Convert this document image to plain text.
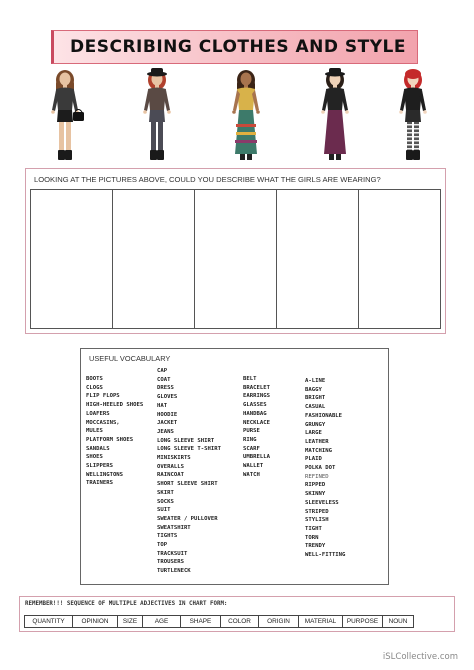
DESCRIBING CLOTHES AND STYLE
LOOKING AT THE PICTURES ABOVE, COULD YOU DESCRIBE WHAT THE GIRLS ARE WEARING?
USEFUL VOCABULARY
BOOTS
CLOGS
FLIP FLOPS
HIGH-HEELED SHOES
LOAFERS
MOCCASINS,
MULES
PLATFORM SHOES
SANDALS
SHOES
SLIPPERS
WELLINGTONS
TRAINERS
CAP
COAT
DRESS
GLOVES
HAT
HOODIE
JACKET
JEANS
LONG SLEEVE SHIRT
LONG SLEEVE T-SHIRT
MINISKIRTS
OVERALLS
RAINCOAT
SHORT SLEEVE SHIRT
SKIRT
SOCKS
SUIT
SWEATER / PULLOVER
SWEATSHIRT
TIGHTS
TOP
TRACKSUIT
TROUSERS
TURTLENECK
BELT
BRACELET
EARRINGS
GLASSES
HANDBAG
NECKLACE
PURSE
RING
SCARF
UMBRELLA
WALLET
WATCH
A-LINE
BAGGY
BRIGHT
CASUAL
FASHIONABLE
GRUNGY
LARGE
LEATHER
MATCHING
PLAID
POLKA DOT
REFINED
RIPPED
SKINNY
SLEEVELESS
STRIPED
STYLISH
TIGHT
TORN
TRENDY
WELL-FITTING
REMEMBER!!! SEQUENCE OF MULTIPLE ADJECTIVES IN CHART FORM:
QUANTITY	OPINION	SIZE	AGE	SHAPE	COLOR	ORIGIN	MATERIAL	PURPOSE	NOUN
iSLCollective.com
